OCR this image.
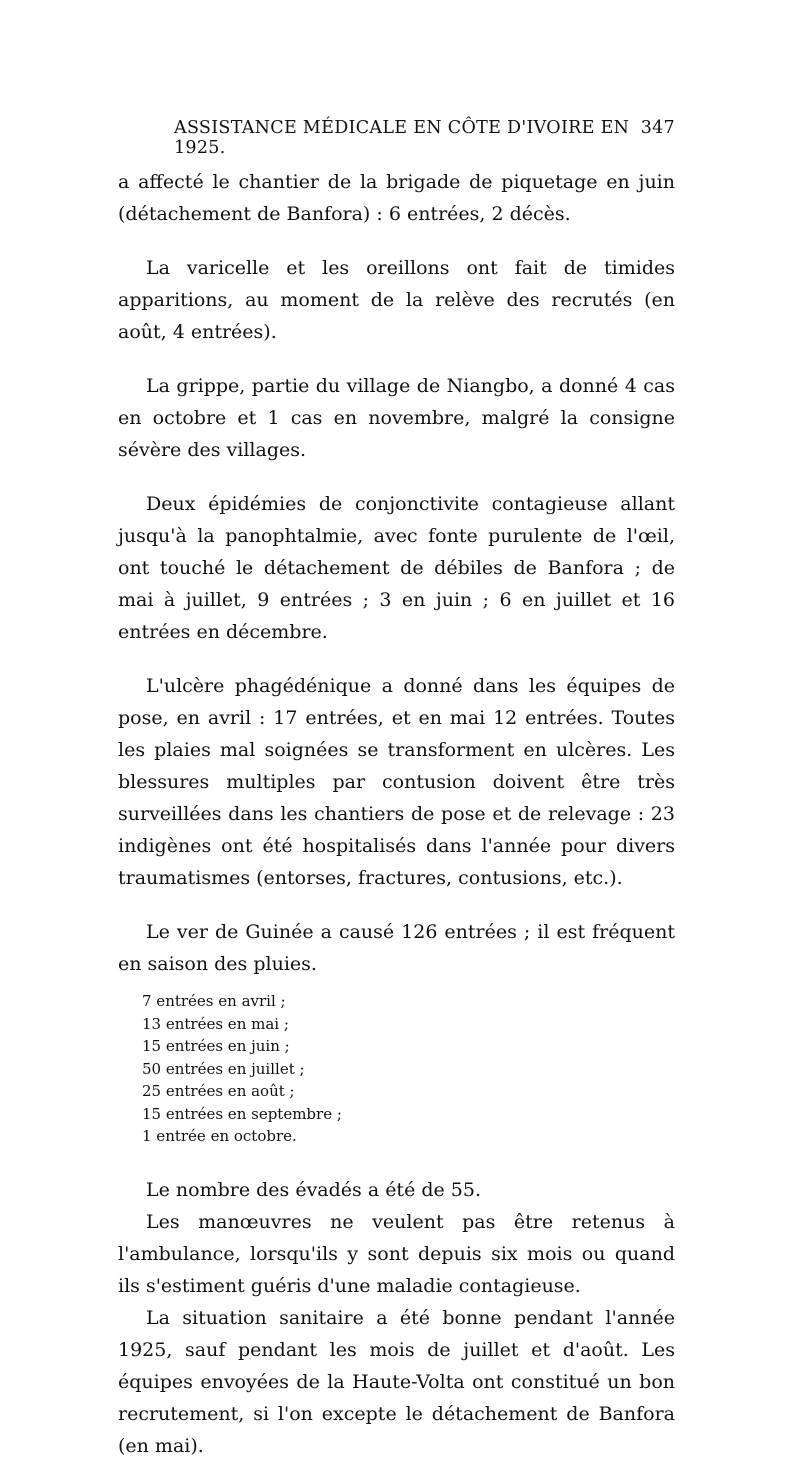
ASSISTANCE MÉDICALE EN CÔTE D'IVOIRE EN 1925.
347

a affecté le chantier de la brigade de piquetage en juin (détachement de Banfora) : 6 entrées, 2 décès.

La varicelle et les oreillons ont fait de timides apparitions, au moment de la relève des recrutés (en août, 4 entrées).

La grippe, partie du village de Niangbo, a donné 4 cas en octobre et 1 cas en novembre, malgré la consigne sévère des villages.

Deux épidémies de conjonctivite contagieuse allant jusqu'à la panophtalmie, avec fonte purulente de l'œil, ont touché le détachement de débiles de Banfora ; de mai à juillet, 9 entrées ; 3 en juin ; 6 en juillet et 16 entrées en décembre.

L'ulcère phagédénique a donné dans les équipes de pose, en avril : 17 entrées, et en mai 12 entrées. Toutes les plaies mal soignées se transforment en ulcères. Les blessures multiples par contusion doivent être très surveillées dans les chantiers de pose et de relevage : 23 indigènes ont été hospitalisés dans l'année pour divers traumatismes (entorses, fractures, contusions, etc.).

Le ver de Guinée a causé 126 entrées ; il est fréquent en saison des pluies.

7 entrées en avril ;
13 entrées en mai ;
15 entrées en juin ;
50 entrées en juillet ;
25 entrées en août ;
15 entrées en septembre ;
1 entrée en octobre.

Le nombre des évadés a été de 55.

Les manœuvres ne veulent pas être retenus à l'ambulance, lorsqu'ils y sont depuis six mois ou quand ils s'estiment guéris d'une maladie contagieuse.

La situation sanitaire a été bonne pendant l'année 1925, sauf pendant les mois de juillet et d'août. Les équipes envoyées de la Haute-Volta ont constitué un bon recrutement, si l'on excepte le détachement de Banfora (en mai).
